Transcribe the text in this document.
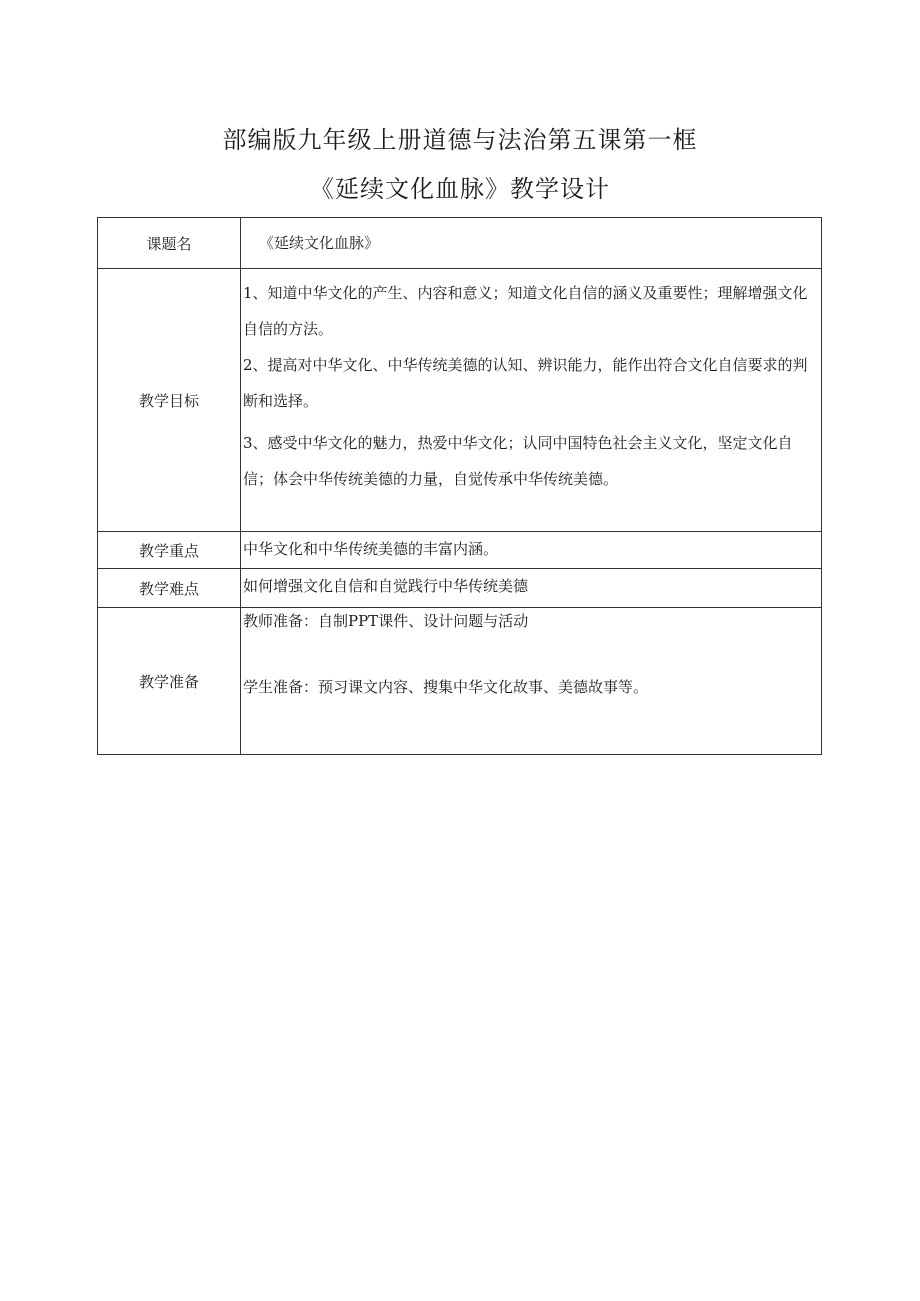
部编版九年级上册道德与法治第五课第一框
《延续文化血脉》教学设计
课题名	《延续文化血脉》

教学目标	1、知道中华文化的产生、内容和意义；知道文化自信的涵义及重要性；理解增强文化自信的方法。

2、提高对中华文化、中华传统美德的认知、辨识能力，能作出符合文化自信要求的判断和选择。

3、感受中华文化的魅力，热爱中华文化；认同中国特色社会主义文化，坚定文化自信；体会中华传统美德的力量，自觉传承中华传统美德。

教学重点	中华文化和中华传统美德的丰富内涵。

教学难点	如何增强文化自信和自觉践行中华传统美德

教学准备	教师准备：自制PPT课件、设计问题与活动
学生准备：预习课文内容、搜集中华文化故事、美德故事等。
